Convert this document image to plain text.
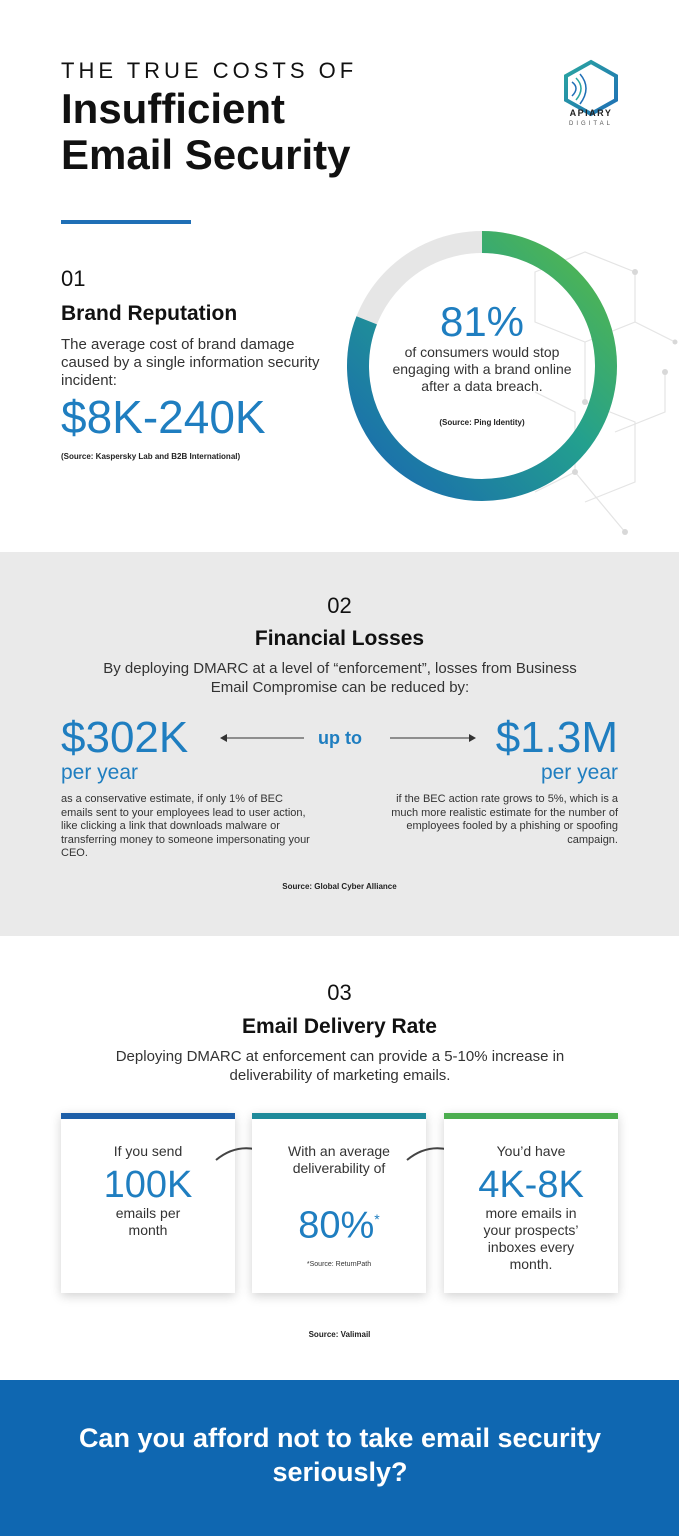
THE TRUE COSTS OF
Insufficient
Email Security
APIARY
DIGITAL
01
Brand Reputation
The average cost of brand damage caused by a single information security incident:
$8K-240K
(Source: Kaspersky Lab and B2B International)
81%
of consumers would stop engaging with a brand online after a data breach.
(Source: Ping Identity)
02
Financial Losses
By deploying DMARC at a level of “enforcement”, losses from Business Email Compromise can be reduced by:
$302K
per year
as a conservative estimate, if only 1% of BEC emails sent to your employees lead to user action, like clicking a link that downloads malware or transferring money to someone impersonating your CEO.
up to	$1.3M
per year
if the BEC action rate grows to 5%, which is a much more realistic estimate for the number of employees fooled by a phishing or spoofing campaign.
Source: Global Cyber Alliance
03
Email Delivery Rate
Deploying DMARC at enforcement can provide a 5-10% increase in deliverability of marketing emails.
If you send
100K
emails per month
With an average deliverability of
80%*
*Source: ReturnPath
You’d have
4K-8K
more emails in your prospects’ inboxes every month.
Source: Valimail
Can you afford not to take email security seriously?
